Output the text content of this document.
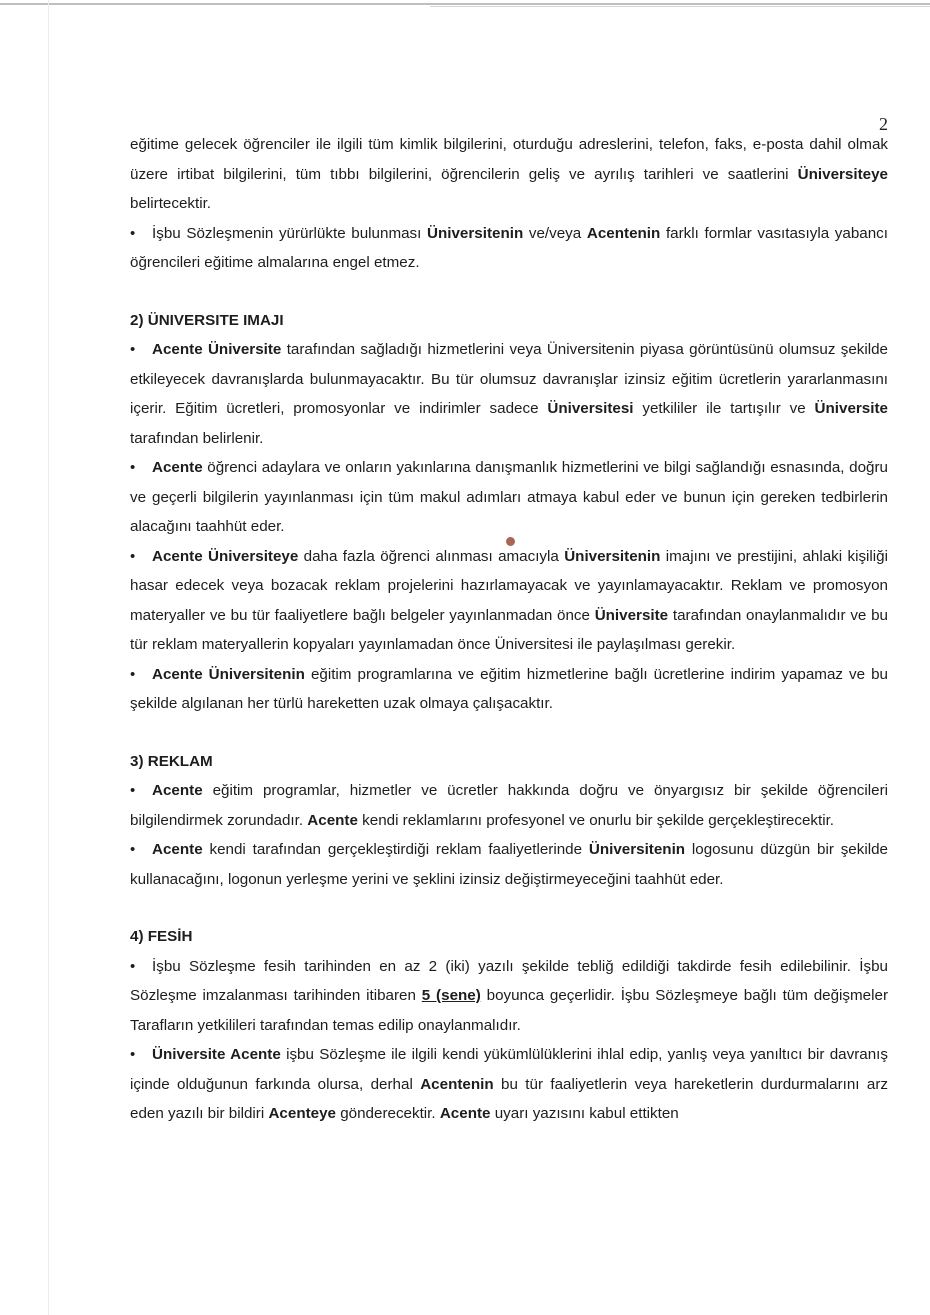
2

eğitime gelecek öğrenciler ile ilgili tüm kimlik bilgilerini, oturduğu adreslerini, telefon, faks, e-posta dahil olmak üzere irtibat bilgilerini, tüm tıbbı bilgilerini, öğrencilerin geliş ve ayrılış tarihleri ve saatlerini Üniversiteye belirtecektir.

• İşbu Sözleşmenin yürürlükte bulunması Üniversitenin ve/veya Acentenin farklı formlar vasıtasıyla yabancı öğrencileri eğitime almalarına engel etmez.

2) ÜNIVERSITE IMAJI

• Acente Üniversite tarafından sağladığı hizmetlerini veya Üniversitenin piyasa görüntüsünü olumsuz şekilde etkileyecek davranışlarda bulunmayacaktır. Bu tür olumsuz davranışlar izinsiz eğitim ücretlerin yararlanmasını içerir. Eğitim ücretleri, promosyonlar ve indirimler sadece Üniversitesi yetkililer ile tartışılır ve Üniversite tarafından belirlenir.

• Acente öğrenci adaylara ve onların yakınlarına danışmanlık hizmetlerini ve bilgi sağlandığı esnasında, doğru ve geçerli bilgilerin yayınlanması için tüm makul adımları atmaya kabul eder ve bunun için gereken tedbirlerin alacağını taahhüt eder.

• Acente Üniversiteye daha fazla öğrenci alınması amacıyla Üniversitenin imajını ve prestijini, ahlaki kişiliği hasar edecek veya bozacak reklam projelerini hazırlamayacak ve yayınlamayacaktır. Reklam ve promosyon materyaller ve bu tür faaliyetlere bağlı belgeler yayınlanmadan önce Üniversite tarafından onaylanmalıdır ve bu tür reklam materyallerin kopyaları yayınlamadan önce Üniversitesi ile paylaşılması gerekir.

• Acente Üniversitenin eğitim programlarına ve eğitim hizmetlerine bağlı ücretlerine indirim yapamaz ve bu şekilde algılanan her türlü hareketten uzak olmaya çalışacaktır.

3) REKLAM

• Acente eğitim programlar, hizmetler ve ücretler hakkında doğru ve önyargısız bir şekilde öğrencileri bilgilendirmek zorundadır. Acente kendi reklamlarını profesyonel ve onurlu bir şekilde gerçekleştirecektir.

• Acente kendi tarafından gerçekleştirdiği reklam faaliyetlerinde Üniversitenin logosunu düzgün bir şekilde kullanacağını, logonun yerleşme yerini ve şeklini izinsiz değiştirmeyeceğini taahhüt eder.

4) FESİH

• İşbu Sözleşme fesih tarihinden en az 2 (iki) yazılı şekilde tebliğ edildiği takdirde fesih edilebilinir. İşbu Sözleşme imzalanması tarihinden itibaren 5 (sene) boyunca geçerlidir. İşbu Sözleşmeye bağlı tüm değişmeler Tarafların yetkilileri tarafından temas edilip onaylanmalıdır.

• Üniversite Acente işbu Sözleşme ile ilgili kendi yükümlülüklerini ihlal edip, yanlış veya yanıltıcı bir davranış içinde olduğunun farkında olursa, derhal Acentenin bu tür faaliyetlerin veya hareketlerin durdurmalarını arz eden yazılı bir bildiri Acenteye gönderecektir. Acente uyarı yazısını kabul ettikten
